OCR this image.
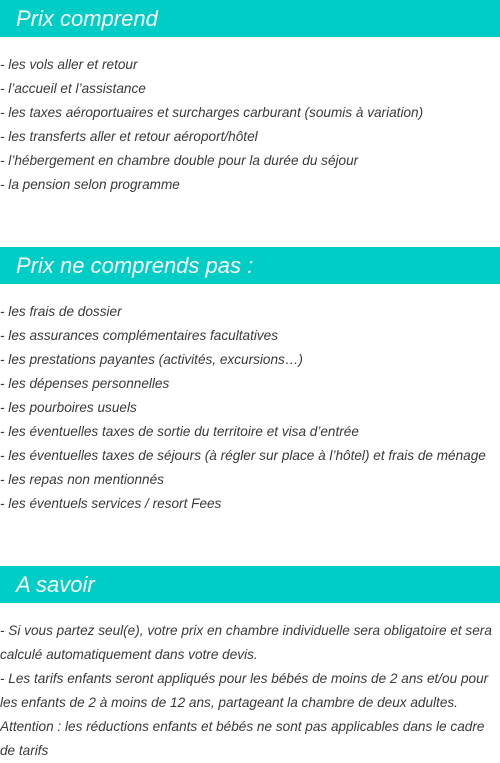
Prix comprend
- les vols aller et retour
- l’accueil et l’assistance
- les taxes aéroportuaires et surcharges carburant (soumis à variation)
- les transferts aller et retour aéroport/hôtel
- l’hébergement en chambre double pour la durée du séjour
- la pension selon programme
Prix ne comprends pas :
- les frais de dossier
- les assurances complémentaires facultatives
- les prestations payantes (activités, excursions…)
- les dépenses personnelles
- les pourboires usuels
- les éventuelles taxes de sortie du territoire et visa d’entrée
- les éventuelles taxes de séjours (à régler sur place à l’hôtel) et frais de ménage
- les repas non mentionnés
- les éventuels services / resort Fees
A savoir
- Si vous partez seul(e), votre prix en chambre individuelle sera obligatoire et sera calculé automatiquement dans votre devis.
- Les tarifs enfants seront appliqués pour les bébés de moins de 2 ans et/ou pour les enfants de 2 à moins de 12 ans, partageant la chambre de deux adultes.
Attention : les réductions enfants et bébés ne sont pas applicables dans le cadre de tarifs
